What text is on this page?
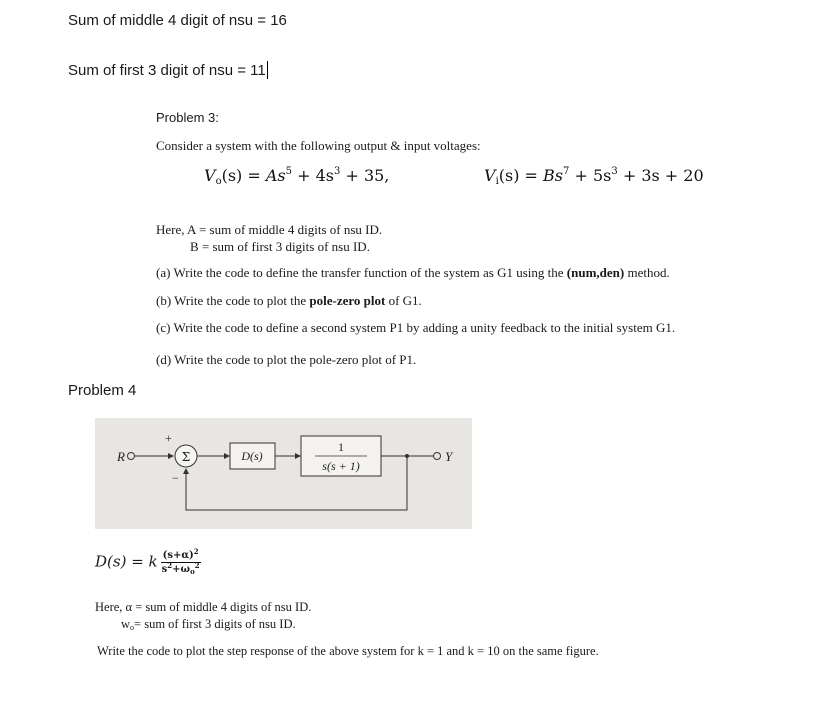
Sum of middle 4 digit of nsu = 16
Sum of first 3 digit of nsu = 11
Problem 3:
Consider a system with the following output & input voltages:
$V_o(s) = As^5 + 4s^3 + 35$,	$V_i(s) = Bs^7 + 5s^3 + 3s + 20$
Here, A = sum of middle 4 digits of nsu ID.
B = sum of first 3 digits of nsu ID.
(a) Write the code to define the transfer function of the system as G1 using the (num,den) method.
(b) Write the code to plot the pole-zero plot of G1.
(c) Write the code to define a second system P1 by adding a unity feedback to the initial system G1.
(d) Write the code to plot the pole-zero plot of P1.
Problem 4
R	Σ
+
−
D(s)
1
s(s + 1)
Y
D(s) = k $\frac{(s+\alpha)^2}{s^2+\omega_o^2}$
Here, α = sum of middle 4 digits of nsu ID.
$w_o=$ sum of first 3 digits of nsu ID.
Write the code to plot the step response of the above system for k = 1 and k = 10 on the same figure.
